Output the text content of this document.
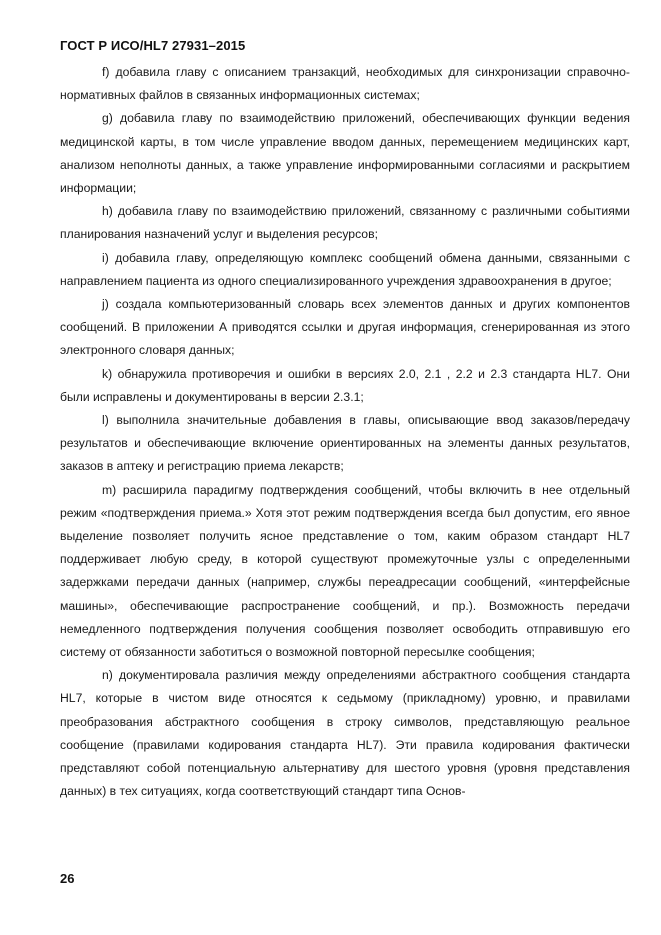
ГОСТ Р ИСО/HL7 27931–2015

f) добавила главу с описанием транзакций, необходимых для синхронизации справочно-нормативных файлов в связанных информационных системах;

g) добавила главу по взаимодействию приложений, обеспечивающих функции ведения медицинской карты, в том числе управление вводом данных, перемещением медицинских карт, анализом неполноты данных, а также управление информированными согласиями и раскрытием информации;

h) добавила главу по взаимодействию приложений, связанному с различными событиями планирования назначений услуг и выделения ресурсов;

i) добавила главу, определяющую комплекс сообщений обмена данными, связанными с направлением пациента из одного специализированного учреждения здравоохранения в другое;

j) создала компьютеризованный словарь всех элементов данных и других компонентов сообщений. В приложении А приводятся ссылки и другая информация, сгенерированная из этого электронного словаря данных;

k) обнаружила противоречия и ошибки в версиях 2.0, 2.1 , 2.2 и 2.3 стандарта HL7. Они были исправлены и документированы в версии 2.3.1;

l) выполнила значительные добавления в главы, описывающие ввод заказов/передачу результатов и обеспечивающие включение ориентированных на элементы данных результатов, заказов в аптеку и регистрацию приема лекарств;

m) расширила парадигму подтверждения сообщений, чтобы включить в нее отдельный режим «подтверждения приема.» Хотя этот режим подтверждения всегда был допустим, его явное выделение позволяет получить ясное представление о том, каким образом стандарт HL7 поддерживает любую среду, в которой существуют промежуточные узлы с определенными задержками передачи данных (например, службы переадресации сообщений, «интерфейсные машины», обеспечивающие распространение сообщений, и пр.). Возможность передачи немедленного подтверждения получения сообщения позволяет освободить отправившую его систему от обязанности заботиться о возможной повторной пересылке сообщения;

n) документировала различия между определениями абстрактного сообщения стандарта HL7, которые в чистом виде относятся к седьмому (прикладному) уровню, и правилами преобразования абстрактного сообщения в строку символов, представляющую реальное сообщение (правилами кодирования стандарта HL7). Эти правила кодирования фактически представляют собой потенциальную альтернативу для шестого уровня (уровня представления данных) в тех ситуациях, когда соответствующий стандарт типа Основ-

26
